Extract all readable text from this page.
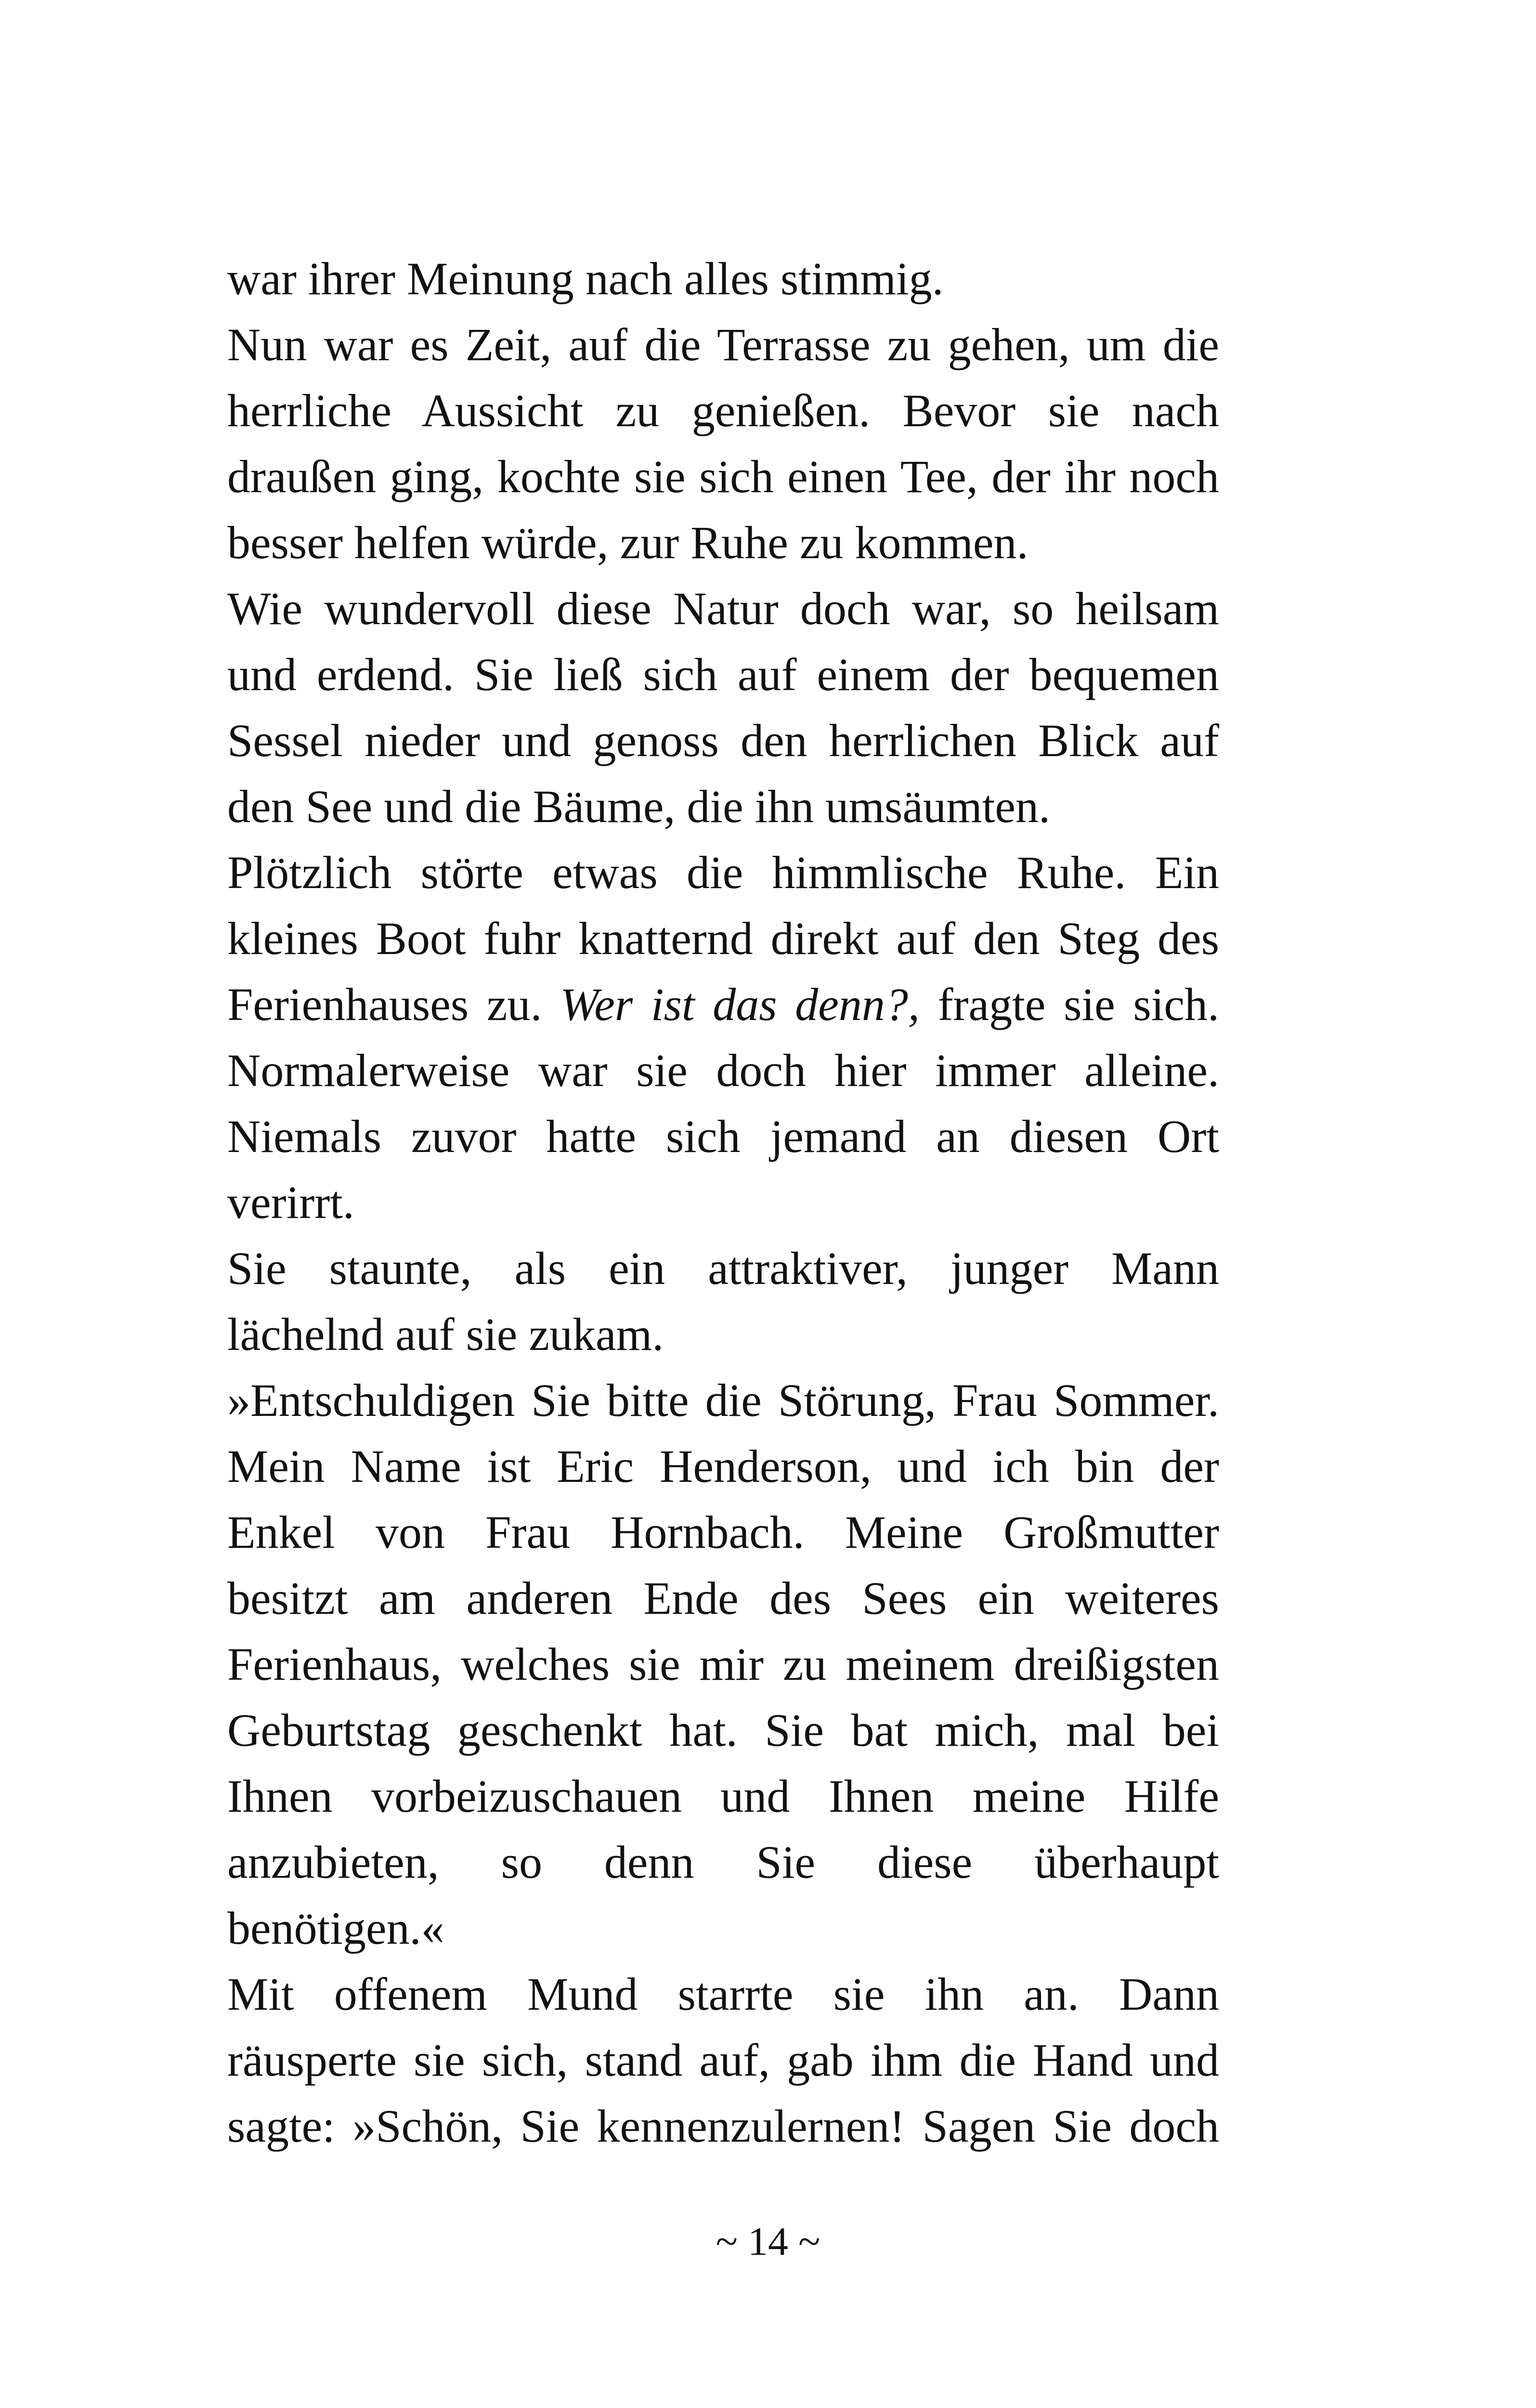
war ihrer Meinung nach alles stimmig.
Nun war es Zeit, auf die Terrasse zu gehen, um die
herrliche Aussicht zu genießen. Bevor sie nach
draußen ging, kochte sie sich einen Tee, der ihr noch
besser helfen würde, zur Ruhe zu kommen.
Wie wundervoll diese Natur doch war, so heilsam
und erdend. Sie ließ sich auf einem der bequemen
Sessel nieder und genoss den herrlichen Blick auf
den See und die Bäume, die ihn umsäumten.
Plötzlich störte etwas die himmlische Ruhe. Ein
kleines Boot fuhr knatternd direkt auf den Steg des
Ferienhauses zu. Wer ist das denn?, fragte sie sich.
Normalerweise war sie doch hier immer alleine.
Niemals zuvor hatte sich jemand an diesen Ort
verirrt.
Sie staunte, als ein attraktiver, junger Mann
lächelnd auf sie zukam.
»Entschuldigen Sie bitte die Störung, Frau Sommer.
Mein Name ist Eric Henderson, und ich bin der
Enkel von Frau Hornbach. Meine Großmutter
besitzt am anderen Ende des Sees ein weiteres
Ferienhaus, welches sie mir zu meinem dreißigsten
Geburtstag geschenkt hat. Sie bat mich, mal bei
Ihnen vorbeizuschauen und Ihnen meine Hilfe
anzubieten, so denn Sie diese überhaupt
benötigen.«
Mit offenem Mund starrte sie ihn an. Dann
räusperte sie sich, stand auf, gab ihm die Hand und
sagte: »Schön, Sie kennenzulernen! Sagen Sie doch
~ 14 ~
